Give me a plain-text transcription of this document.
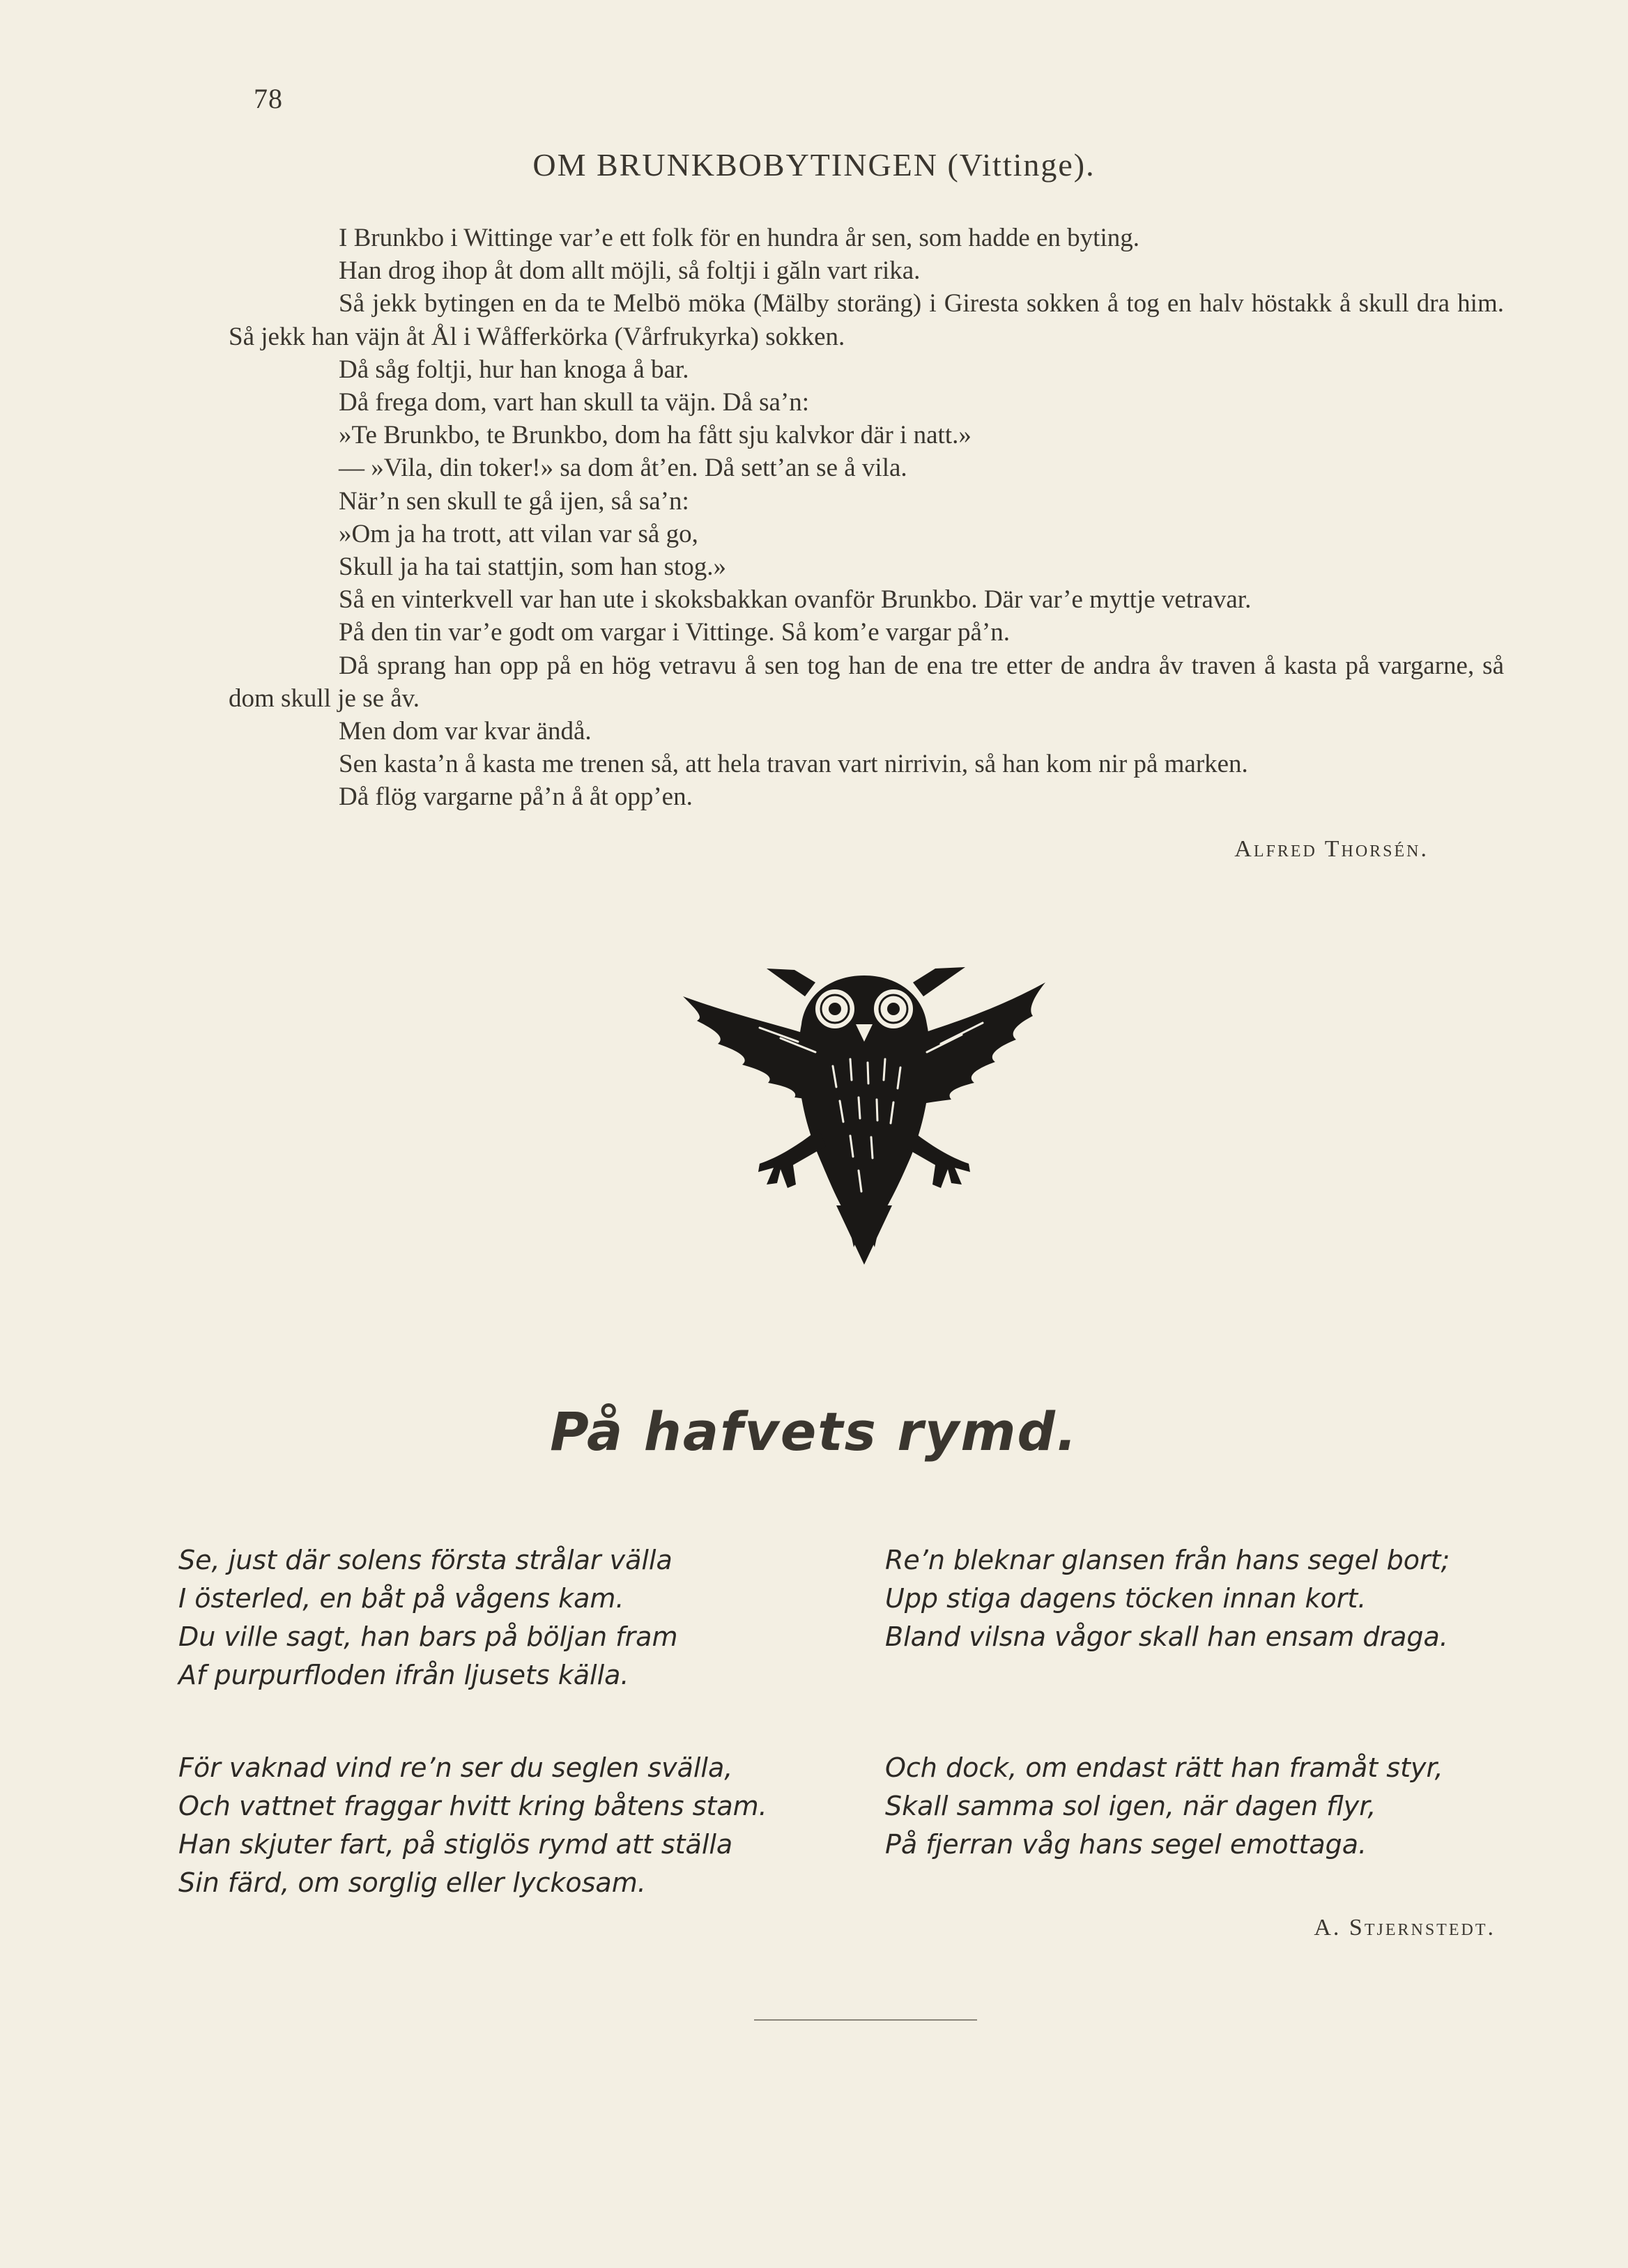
78
OM BRUNKBOBYTINGEN (Vittinge).

I Brunkbo i Wittinge var’e ett folk för en hundra år sen, som hadde en byting.

Han drog ihop åt dom allt möjli, så foltji i găln vart rika.

Så jekk bytingen en da te Melbö möka (Mälby storäng) i Giresta sokken å tog en halv höstakk å skull dra him. Så jekk han väjn åt Ål i Wåfferkörka (Vårfrukyrka) sokken.

Då såg foltji, hur han knoga å bar.

Då frega dom, vart han skull ta väjn. Då sa’n:

»Te Brunkbo, te Brunkbo, dom ha fått sju kalvkor där i natt.»

— »Vila, din toker!» sa dom åt’en. Då sett’an se å vila.

När’n sen skull te gå ijen, så sa’n:

»Om ja ha trott, att vilan var så go,

Skull ja ha tai stattjin, som han stog.»

Så en vinterkvell var han ute i skoksbakkan ovanför Brunkbo. Där var’e myttje vetravar.

På den tin var’e godt om vargar i Vittinge. Så kom’e vargar på’n.

Då sprang han opp på en hög vetravu å sen tog han de ena tre etter de andra åv traven å kasta på vargarne, så dom skull je se åv.

Men dom var kvar ändå.

Sen kasta’n å kasta me trenen så, att hela travan vart nirrivin, så han kom nir på marken.

Då flög vargarne på’n å åt opp’en.

Alfred Thorsén.
På hafvets rymd.
Se, just där solens första strålar välla
I österled, en båt på vågens kam.
Du ville sagt, han bars på böljan fram
Af purpurfloden ifrån ljusets källa.
Re’n bleknar glansen från hans segel bort;
Upp stiga dagens töcken innan kort.
Bland vilsna vågor skall han ensam draga.
För vaknad vind re’n ser du seglen svälla,
Och vattnet fraggar hvitt kring båtens stam.
Han skjuter fart, på stiglös rymd att ställa
Sin färd, om sorglig eller lyckosam.
Och dock, om endast rätt han framåt styr,
Skall samma sol igen, när dagen flyr,
På fjerran våg hans segel emottaga.
A. Stjernstedt.
